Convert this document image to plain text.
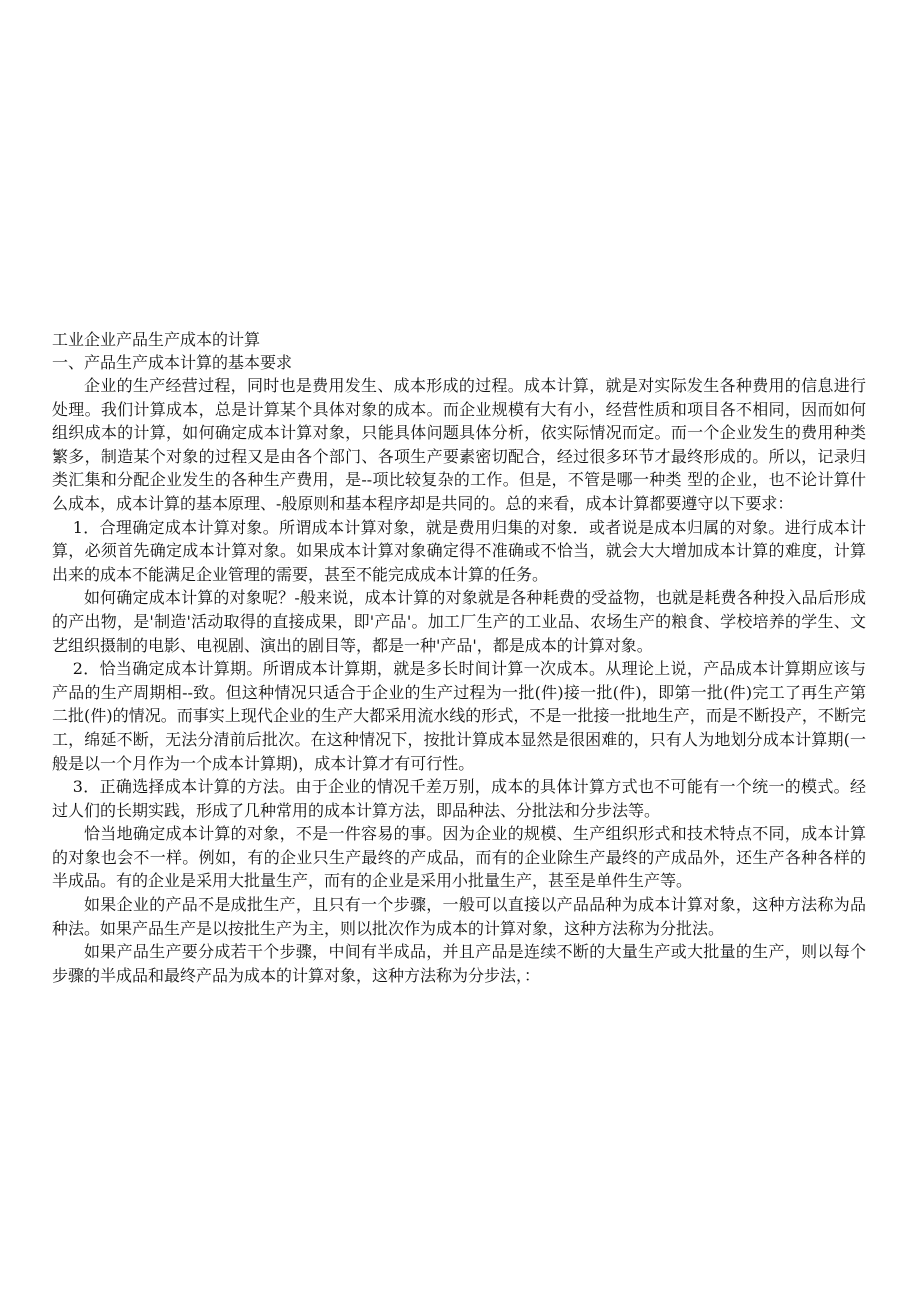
工业企业产品生产成本的计算

一、产品生产成本计算的基本要求

企业的生产经营过程，同时也是费用发生、成本形成的过程。成本计算，就是对实际发生各种费用的信息进行处理。我们计算成本，总是计算某个具体对象的成本。而企业规模有大有小，经营性质和项目各不相同，因而如何组织成本的计算，如何确定成本计算对象，只能具体问题具体分析，依实际情况而定。而一个企业发生的费用种类繁多，制造某个对象的过程又是由各个部门、各项生产要素密切配合，经过很多环节才最终形成的。所以，记录归类汇集和分配企业发生的各种生产费用，是--项比较复杂的工作。但是，不管是哪一种类 型的企业，也不论计算什么成本，成本计算的基本原理、-般原则和基本程序却是共同的。总的来看，成本计算都要遵守以下要求：

1．合理确定成本计算对象。所谓成本计算对象，就是费用归集的对象．或者说是成本归属的对象。进行成本计算，必须首先确定成本计算对象。如果成本计算对象确定得不准确或不恰当，就会大大增加成本计算的难度，计算出来的成本不能满足企业管理的需要，甚至不能完成成本计算的任务。

如何确定成本计算的对象呢？-般来说，成本计算的对象就是各种耗费的受益物，也就是耗费各种投入品后形成的产出物，是'制造'活动取得的直接成果，即'产品'。加工厂生产的工业品、农场生产的粮食、学校培养的学生、文艺组织摄制的电影、电视剧、演出的剧目等，都是一种'产品'，都是成本的计算对象。

2．恰当确定成本计算期。所谓成本计算期，就是多长时间计算一次成本。从理论上说，产品成本计算期应该与产品的生产周期相--致。但这种情况只适合于企业的生产过程为一批(件)接一批(件)，即第一批(件)完工了再生产第二批(件)的情况。而事实上现代企业的生产大都采用流水线的形式，不是一批接一批地生产，而是不断投产，不断完工，绵延不断，无法分清前后批次。在这种情况下，按批计算成本显然是很困难的，只有人为地划分成本计算期(一般是以一个月作为一个成本计算期)，成本计算才有可行性。

3．正确选择成本计算的方法。由于企业的情况千差万别，成本的具体计算方式也不可能有一个统一的模式。经过人们的长期实践，形成了几种常用的成本计算方法，即品种法、分批法和分步法等。

恰当地确定成本计算的对象，不是一件容易的事。因为企业的规模、生产组织形式和技术特点不同，成本计算的对象也会不一样。例如，有的企业只生产最终的产成品，而有的企业除生产最终的产成品外，还生产各种各样的半成品。有的企业是采用大批量生产，而有的企业是采用小批量生产，甚至是单件生产等。

如果企业的产品不是成批生产，且只有一个步骤，一般可以直接以产品品种为成本计算对象，这种方法称为品种法。如果产品生产是以按批生产为主，则以批次作为成本的计算对象，这种方法称为分批法。

如果产品生产要分成若干个步骤，中间有半成品，并且产品是连续不断的大量生产或大批量的生产，则以每个步骤的半成品和最终产品为成本的计算对象，这种方法称为分步法，：
